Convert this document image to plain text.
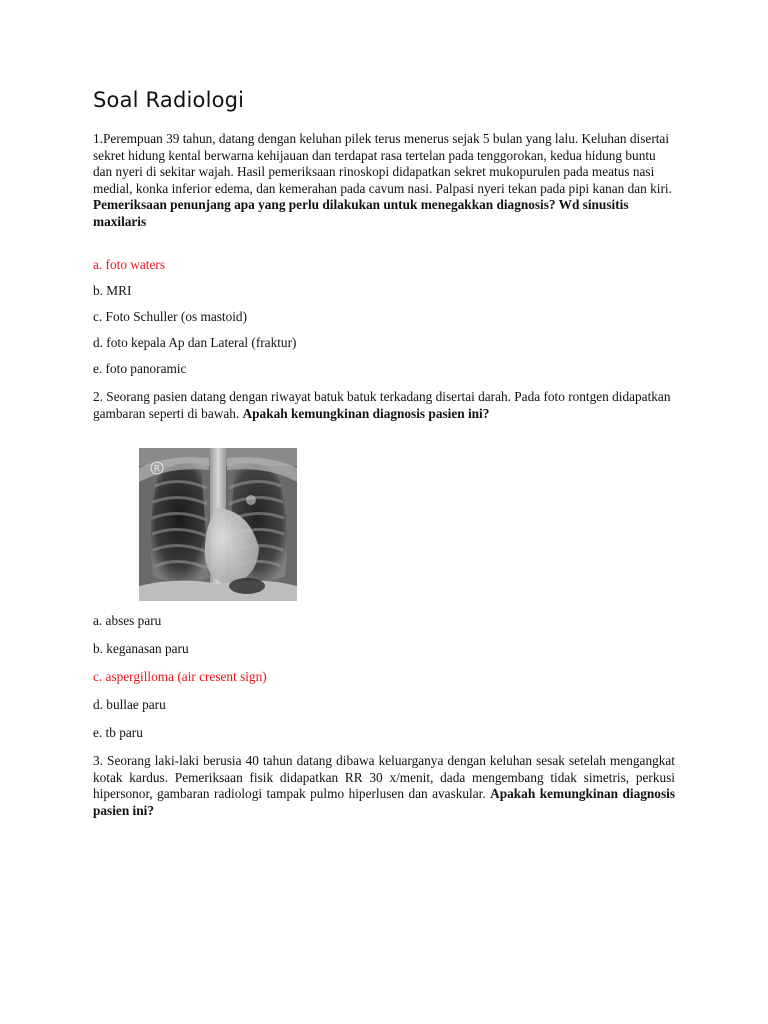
Soal Radiologi

1.Perempuan 39 tahun, datang dengan keluhan pilek terus menerus sejak 5 bulan yang lalu. Keluhan disertai sekret hidung kental berwarna kehijauan dan terdapat rasa tertelan pada tenggorokan, kedua hidung buntu dan nyeri di sekitar wajah. Hasil pemeriksaan rinoskopi didapatkan sekret mukopurulen pada meatus nasi medial, konka inferior edema, dan kemerahan pada cavum nasi. Palpasi nyeri tekan pada pipi kanan dan kiri. Pemeriksaan penunjang apa yang perlu dilakukan untuk menegakkan diagnosis? Wd sinusitis maxilaris

a. foto waters

b. MRI

c. Foto Schuller (os mastoid)

d. foto kepala Ap dan Lateral (fraktur)

e. foto panoramic

2. Seorang pasien datang dengan riwayat batuk batuk terkadang disertai darah. Pada foto rontgen didapatkan gambaran seperti di bawah. Apakah kemungkinan diagnosis pasien ini?

R

a. abses paru

b. keganasan paru

c. aspergilloma (air cresent sign)

d. bullae paru

e. tb paru

3. Seorang laki-laki berusia 40 tahun datang dibawa keluarganya dengan keluhan sesak setelah mengangkat kotak kardus. Pemeriksaan fisik didapatkan RR 30 x/menit, dada mengembang tidak simetris, perkusi hipersonor, gambaran radiologi tampak pulmo hiperlusen dan avaskular. Apakah kemungkinan diagnosis pasien ini?
